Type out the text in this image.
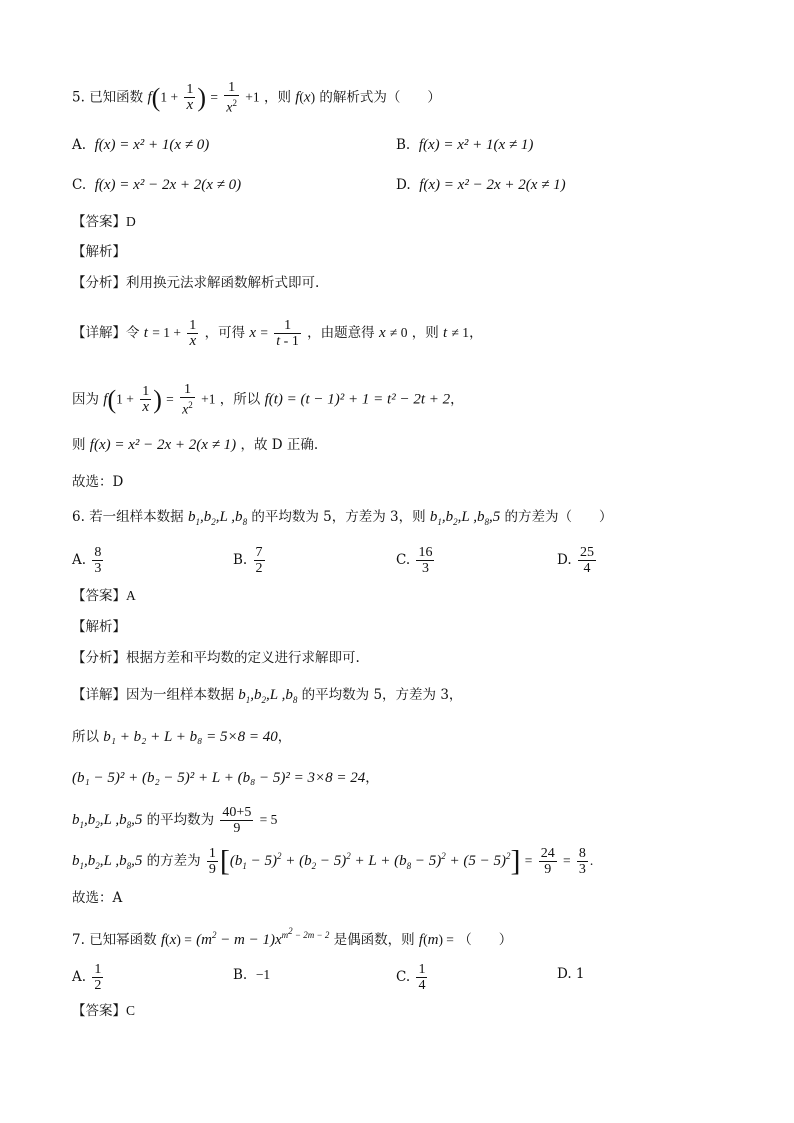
5. 已知函数 $f(1 + \frac{1}{x}$ ) = $\frac{1}{x^2} +1$ ，则 f(x) 的解析式为（　　）
A. f(x) = x² + 1(x ≠ 0)	B. f(x) = x² + 1(x ≠ 1)
C. f(x) = x² − 2x + 2(x ≠ 0)	D. f(x) = x² − 2x + 2(x ≠ 1)
【答案】D
【解析】
【分析】利用换元法求解函数解析式即可.
【详解】令 $t = 1 + \frac{1}{x}$ ，可得 $x = \frac{1}{t - 1}$ ，由题意得 x ≠ 0 ，则 t ≠ 1，
因为 $f(1 + \frac{1}{x}$ ) = $\frac{1}{x^2} +1$ ，所以 f(t) = (t − 1)² + 1 = t² − 2t + 2，
则 f(x) = x² − 2x + 2(x ≠ 1) ，故 D 正确.
故选：D
6. 若一组样本数据 $b_1,b_2,L$ $,b_8$ 的平均数为 5，方差为 3，则 $b_1,b_2,L$ $,b_8,5$ 的方差为（　　）
A. $\frac{8}{3}$	B. $\frac{7}{2}$	C. $\frac{16}{3}$	D. $\frac{25}{4}$
【答案】A
【解析】
【分析】根据方差和平均数的定义进行求解即可.
【详解】因为一组样本数据 $b_1,b_2,L$ $,b_8$ 的平均数为 5，方差为 3，
所以 b₁ + b₂ + L + b₈ = 5×8 = 40，
(b₁ − 5)² + (b₂ − 5)² + L + (b₈ − 5)² = 3×8 = 24，
$b_1,b_2,L$ $,b_8,5$ 的平均数为 $\frac{40+5}{9} = 5$
$b_1,b_2,L$ $,b_8,5$ 的方差为 $\frac{1}{9} [(b_1 - 5)^2 + (b_2 - 5)^2 + L + (b_8 - 5)^2 + (5 - 5)^2] = \frac{24}{9} = \frac{8}{3}$ .
故选：A
7. 已知幂函数 $f(x) = (m^2 - m - 1)x^{m^2 - 2m - 2}$ 是偶函数，则 f(m) = （　　）
A. $\frac{1}{2}$	B. −1	C. $\frac{1}{4}$	D. 1
【答案】C
